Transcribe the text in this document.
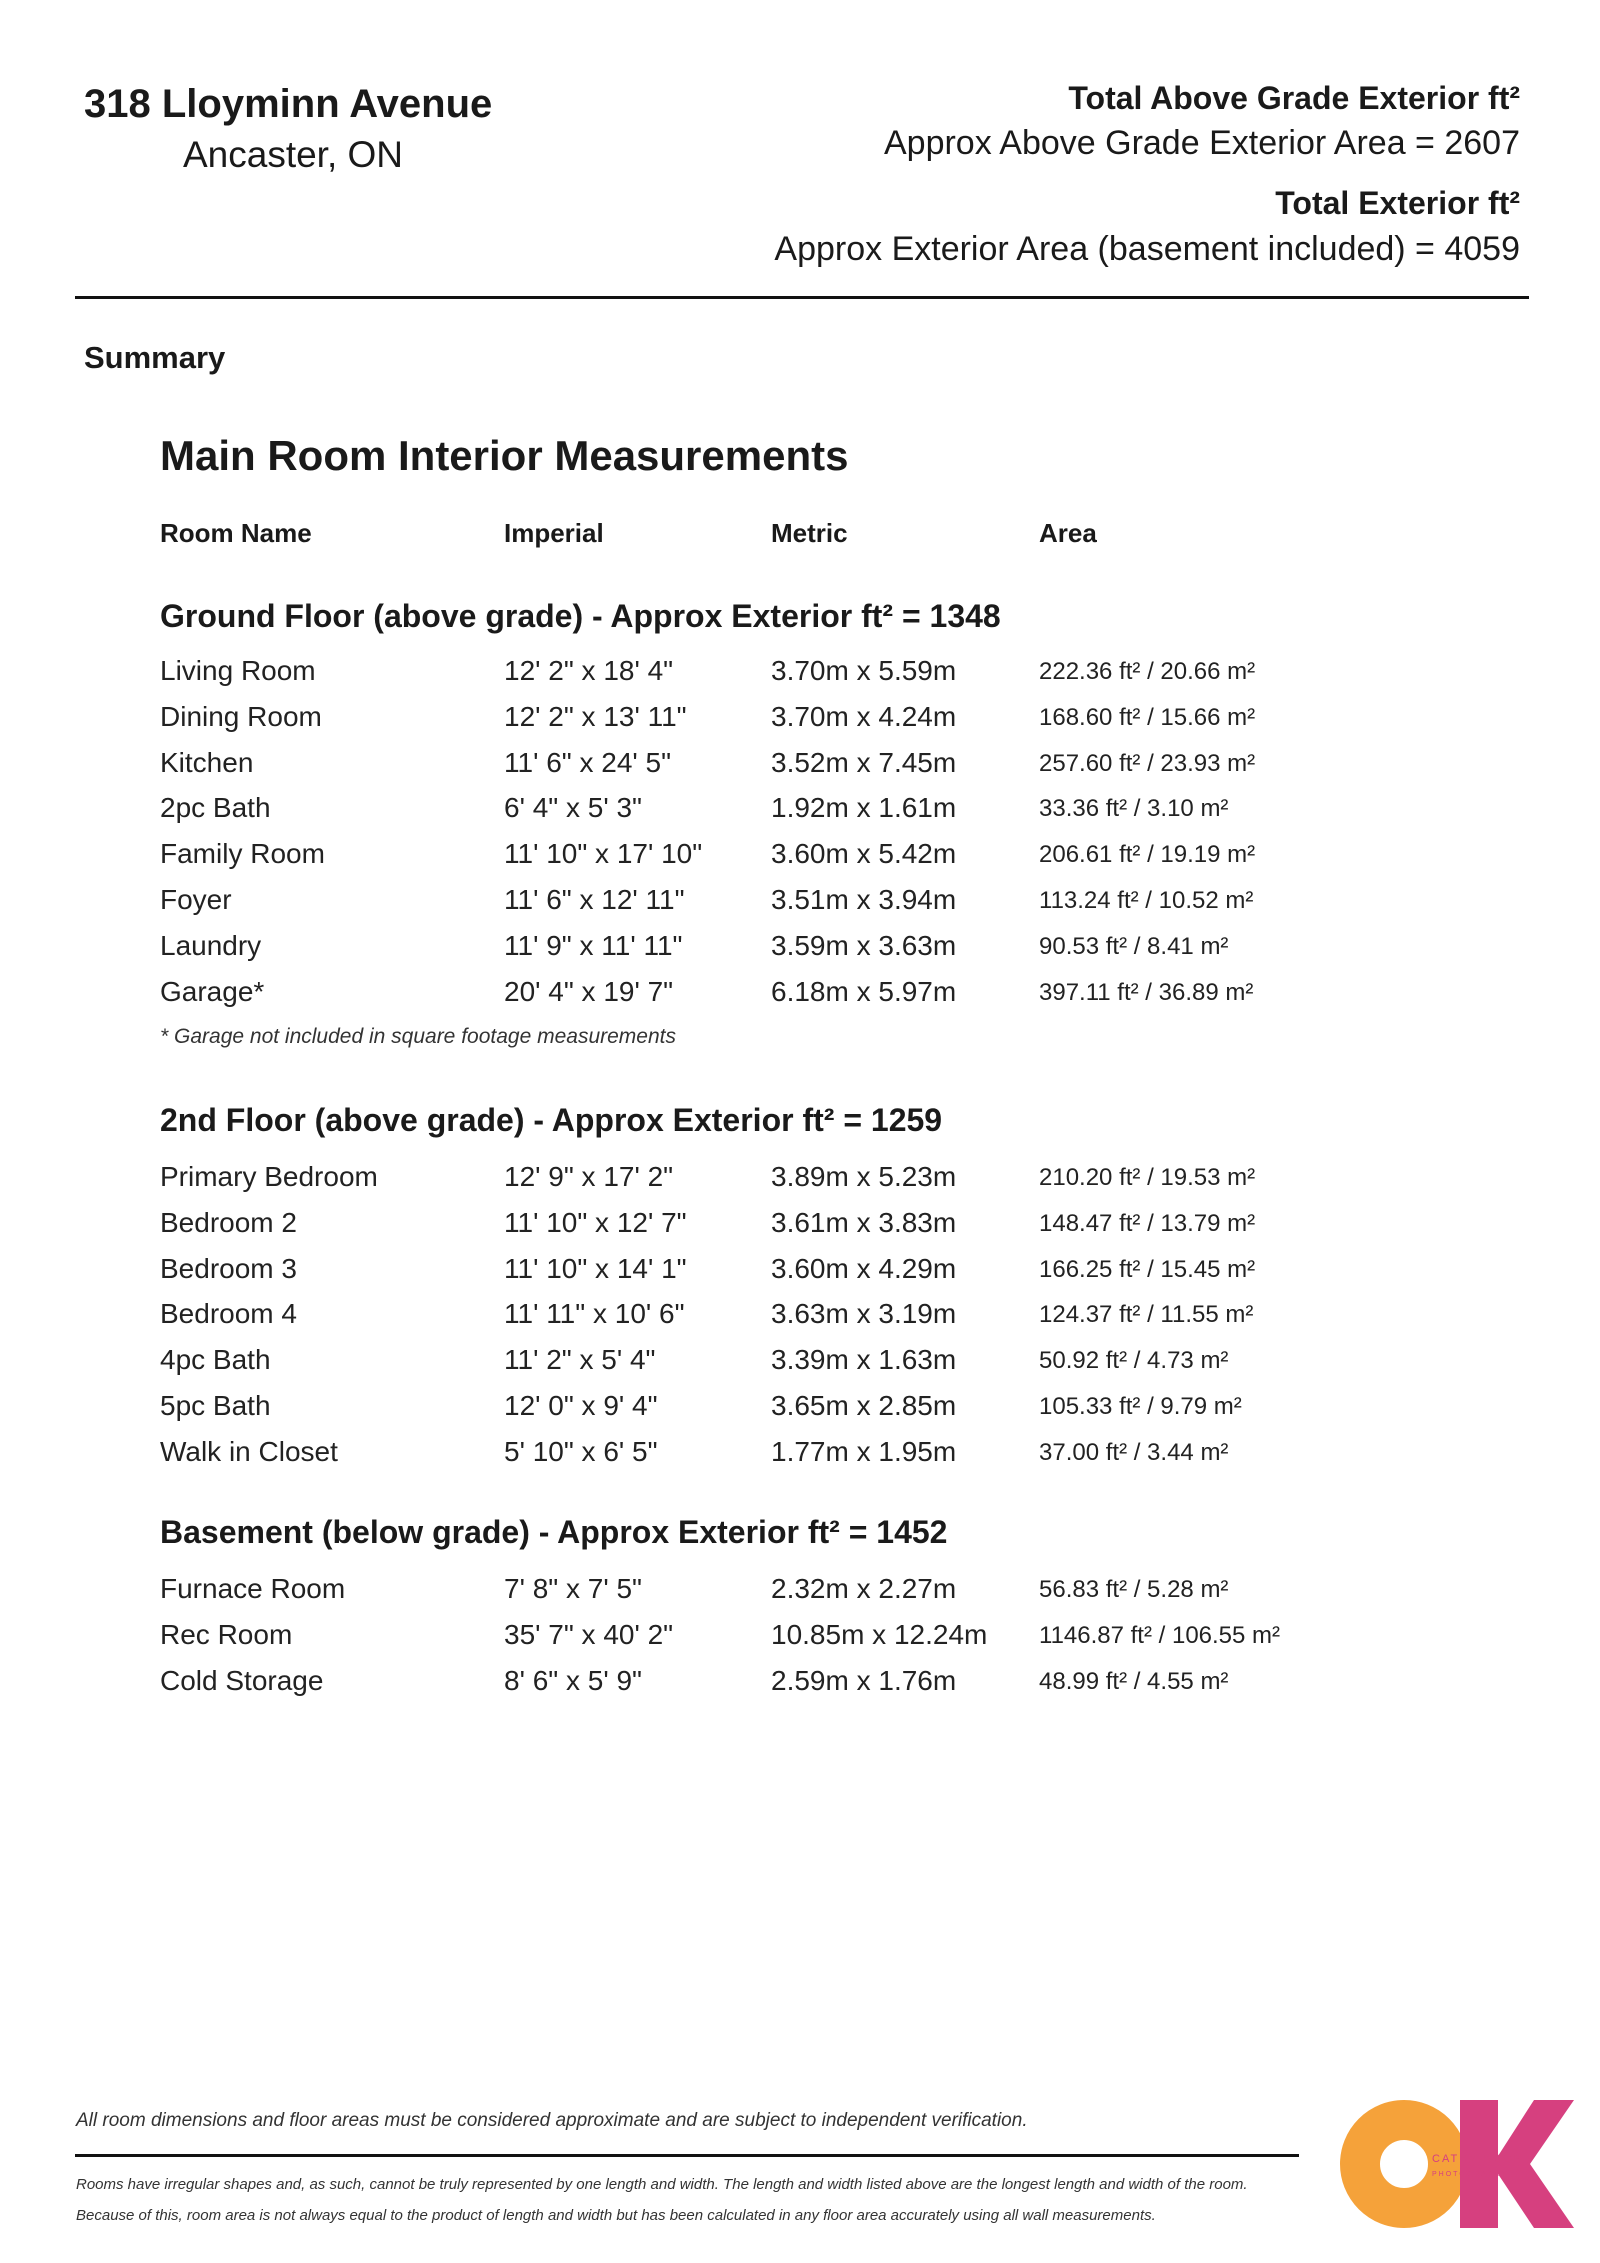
318 Lloyminn Avenue
Ancaster, ON
Total Above Grade Exterior ft²
Approx Above Grade Exterior Area = 2607
Total Exterior ft²
Approx Exterior Area (basement included) = 4059
Summary
Main Room Interior Measurements
Room Name	Imperial	Metric	Area
Ground Floor (above grade) - Approx Exterior ft² = 1348
2nd Floor (above grade) - Approx Exterior ft² = 1259
Basement (below grade) - Approx Exterior ft² = 1452
Living Room	12' 2" x 18' 4"	3.70m x 5.59m	222.36 ft² / 20.66 m²
Dining Room	12' 2" x 13' 11"	3.70m x 4.24m	168.60 ft² / 15.66 m²
Kitchen	11' 6" x 24' 5"	3.52m x 7.45m	257.60 ft² / 23.93 m²
2pc Bath	6' 4" x 5' 3"	1.92m x 1.61m	33.36 ft² / 3.10 m²
Family Room	11' 10" x 17' 10" 3.60m x 5.42m	206.61 ft² / 19.19 m²
Foyer	11' 6" x 12' 11"	3.51m x 3.94m	113.24 ft² / 10.52 m²
Laundry	11' 9" x 11' 11"	3.59m x 3.63m	90.53 ft² / 8.41 m²
Garage*	20' 4" x 19' 7"	6.18m x 5.97m	397.11 ft² / 36.89 m²
Primary Bedroom	12' 9" x 17' 2"	3.89m x 5.23m	210.20 ft² / 19.53 m²
Bedroom 2	11' 10" x 12' 7"	3.61m x 3.83m	148.47 ft² / 13.79 m²
Bedroom 3	11' 10" x 14' 1"	3.60m x 4.29m	166.25 ft² / 15.45 m²
Bedroom 4	11' 11" x 10' 6"	3.63m x 3.19m	124.37 ft² / 11.55 m²
4pc Bath	11' 2" x 5' 4"	3.39m x 1.63m	50.92 ft² / 4.73 m²
5pc Bath	12' 0" x 9' 4"	3.65m x 2.85m	105.33 ft² / 9.79 m²
Walk in Closet	5' 10" x 6' 5"	1.77m x 1.95m	37.00 ft² / 3.44 m²
Furnace Room	7' 8" x 7' 5"	2.32m x 2.27m	56.83 ft² / 5.28 m²
Rec Room	35' 7" x 40' 2"	10.85m x 12.24m 1146.87 ft² / 106.55 m²
Cold Storage	8' 6" x 5' 9"	2.59m x 1.76m	48.99 ft² / 4.55 m²
* Garage not included in square footage measurements
All room dimensions and floor areas must be considered approximate and are subject to independent verification.
Rooms have irregular shapes and, as such, cannot be truly represented by one length and width. The length and width listed above are the longest length and width of the room.
Because of this, room area is not always equal to the product of length and width but has been calculated in any floor area accurately using all wall measurements.
CATHY KOOP
PHOTOGRAPHY
